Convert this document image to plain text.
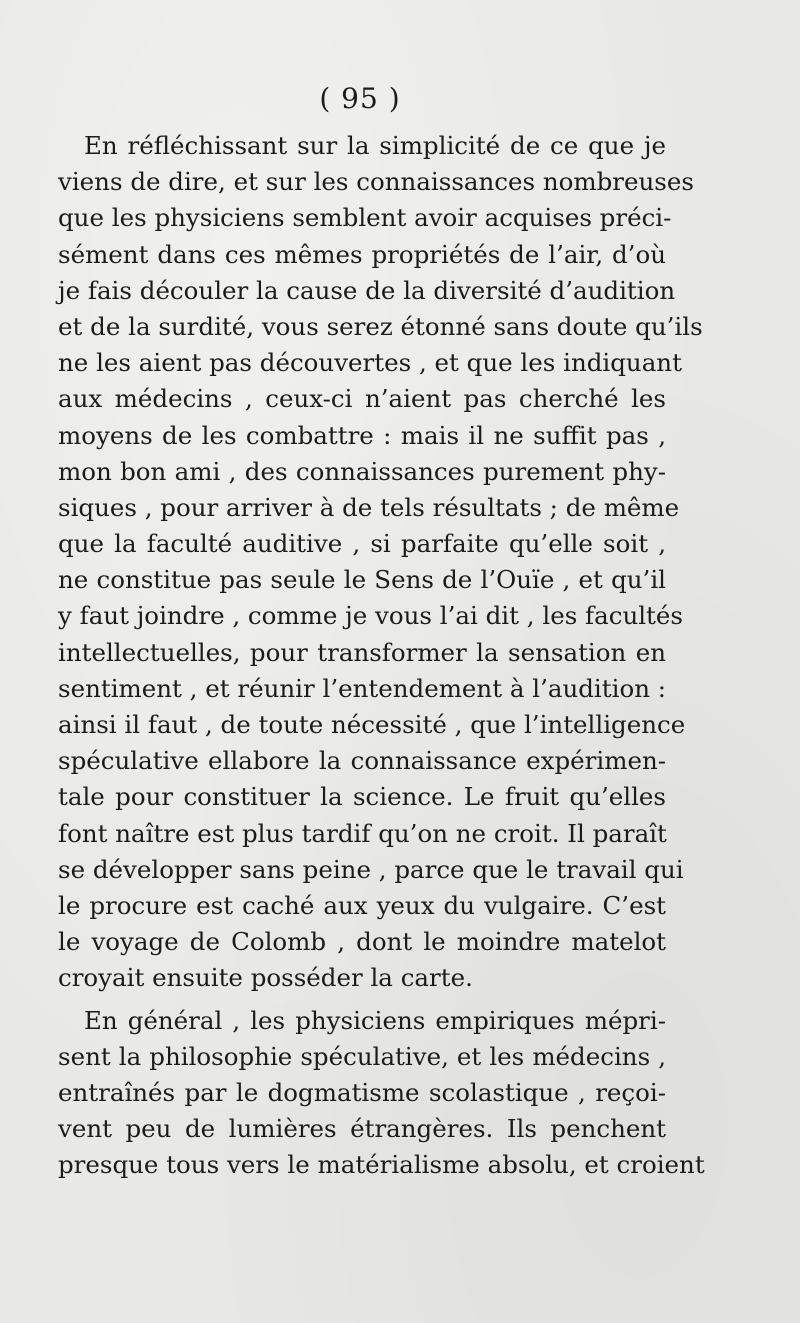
( 95 )
En réfléchissant sur la simplicité de ce que je
viens de dire, et sur les connaissances nombreuses
que les physiciens semblent avoir acquises préci-
sément dans ces mêmes propriétés de l’air, d’où
je fais découler la cause de la diversité d’audition
et de la surdité, vous serez étonné sans doute qu’ils
ne les aient pas découvertes , et que les indiquant
aux médecins , ceux-ci n’aient pas cherché les
moyens de les combattre : mais il ne suffit pas ,
mon bon ami , des connaissances purement phy-
siques , pour arriver à de tels résultats ; de même
que la faculté auditive , si parfaite qu’elle soit ,
ne constitue pas seule le Sens de l’Ouïe , et qu’il
y faut joindre , comme je vous l’ai dit , les facultés
intellectuelles, pour transformer la sensation en
sentiment , et réunir l’entendement à l’audition :
ainsi il faut , de toute nécessité , que l’intelligence
spéculative ellabore la connaissance expérimen-
tale pour constituer la science. Le fruit qu’elles
font naître est plus tardif qu’on ne croit. Il paraît
se développer sans peine , parce que le travail qui
le procure est caché aux yeux du vulgaire. C’est
le voyage de Colomb , dont le moindre matelot
croyait ensuite posséder la carte.
En général , les physiciens empiriques mépri-
sent la philosophie spéculative, et les médecins ,
entraînés par le dogmatisme scolastique , reçoi-
vent peu de lumières étrangères. Ils penchent
presque tous vers le matérialisme absolu, et croient
